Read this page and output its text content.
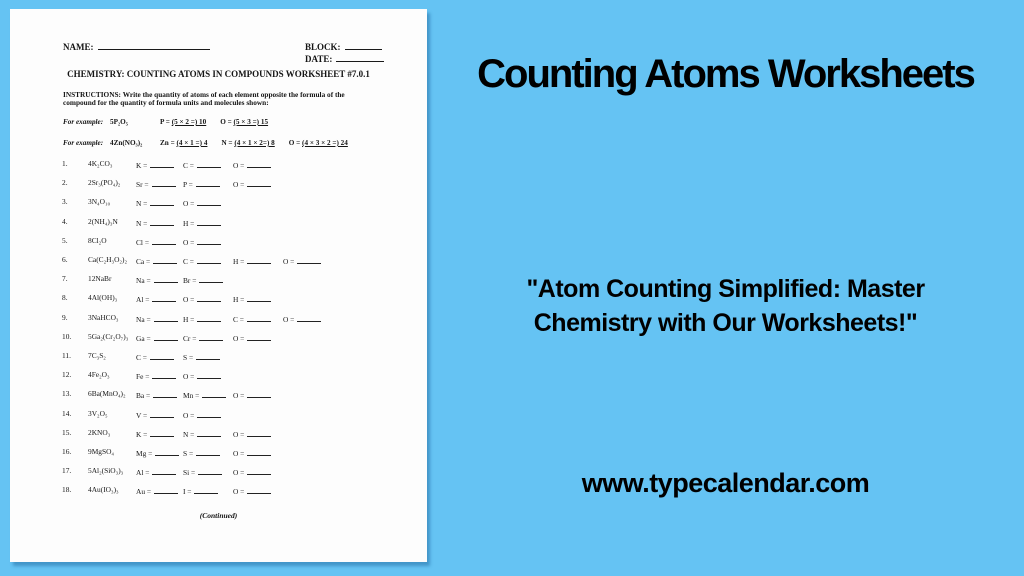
NAME:	BLOCK:
DATE:
CHEMISTRY: COUNTING ATOMS IN COMPOUNDS WORKSHEET #7.0.1
INSTRUCTIONS: Write the quantity of atoms of each element opposite the formula of the compound for the quantity of formula units and molecules shown:
For example: 5P₂O₅	P = (5 × 2 =) 10 O = (5 × 3 =) 15
For example: 4Zn(NO₃)₂ Zn = (4 × 1 =) 4 N = (4 × 1 × 2=) 8 O = (4 × 3 × 2 =) 24
1.	4K₂CO₃	K =	C =	O =
2.	2Sr₃(PO₄)₂ Sr =	P =	O =
3.	3N₄O₁₀	N =	O =
4.	2(NH₄)₃N N =	H =
5.	8Cl₂O	Cl =	O =
6.	Ca(C₂H₃O₂)₂ Ca =	C =	H =	O =
7.	12NaBr	Na =	Br =
8.	4Al(OH)₃	Al =	O =	H =
9.	3NaHCO₃ Na =	H =	C =	O =
10. 5Ga₂(Cr₂O₇)₃ Ga =	Cr =	O =
11. 7C₃S₂	C =	S =
12. 4Fe₂O₃	Fe =	O =
13. 6Ba(MnO₄)₂ Ba =	Mn =	O =
14. 3V₂O₅	V =	O =
15. 2KNO₃	K =	N =	O =
16. 9MgSO₄	Mg =	S =	O =
17. 5Al₂(SiO₃)₃ Al =	Si =	O =
18. 4Au(IO₃)₃ Au =	I =	O =
(Continued)
Counting Atoms Worksheets

"Atom Counting Simplified: Master Chemistry with Our Worksheets!"

www.typecalendar.com
